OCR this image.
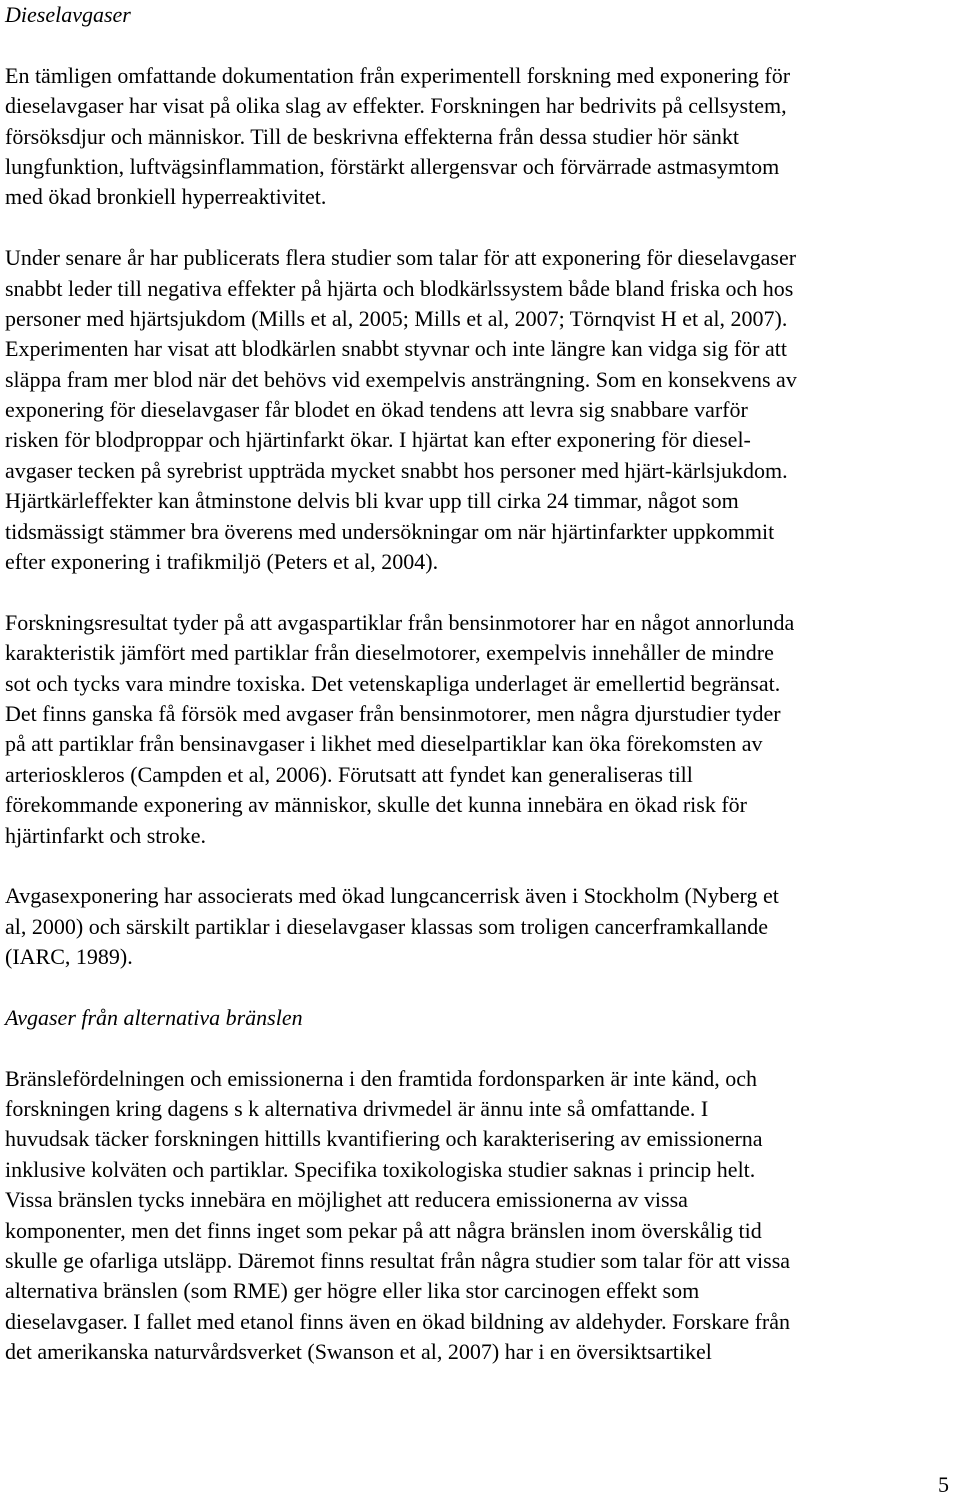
Dieselavgaser
En tämligen omfattande dokumentation från experimentell forskning med exponering för
dieselavgaser har visat på olika slag av effekter. Forskningen har bedrivits på cellsystem,
försöksdjur och människor. Till de beskrivna effekterna från dessa studier hör sänkt
lungfunktion, luftvägsinflammation, förstärkt allergensvar och förvärrade astmasymtom
med ökad bronkiell hyperreaktivitet.
Under senare år har publicerats flera studier som talar för att exponering för dieselavgaser
snabbt leder till negativa effekter på hjärta och blodkärlssystem både bland friska och hos
personer med hjärtsjukdom (Mills et al, 2005; Mills et al, 2007; Törnqvist H et al, 2007).
Experimenten har visat att blodkärlen snabbt styvnar och inte längre kan vidga sig för att
släppa fram mer blod när det behövs vid exempelvis ansträngning. Som en konsekvens av
exponering för dieselavgaser får blodet en ökad tendens att levra sig snabbare varför
risken för blodproppar och hjärtinfarkt ökar. I hjärtat kan efter exponering för diesel-
avgaser tecken på syrebrist uppträda mycket snabbt hos personer med hjärt-kärlsjukdom.
Hjärtkärleffekter kan åtminstone delvis bli kvar upp till cirka 24 timmar, något som
tidsmässigt stämmer bra överens med undersökningar om när hjärtinfarkter uppkommit
efter exponering i trafikmiljö (Peters et al, 2004).
Forskningsresultat tyder på att avgaspartiklar från bensinmotorer har en något annorlunda
karakteristik jämfört med partiklar från dieselmotorer, exempelvis innehåller de mindre
sot och tycks vara mindre toxiska. Det vetenskapliga underlaget är emellertid begränsat.
Det finns ganska få försök med avgaser från bensinmotorer, men några djurstudier tyder
på att partiklar från bensinavgaser i likhet med dieselpartiklar kan öka förekomsten av
arterioskleros (Campden et al, 2006). Förutsatt att fyndet kan generaliseras till
förekommande exponering av människor, skulle det kunna innebära en ökad risk för
hjärtinfarkt och stroke.
Avgasexponering har associerats med ökad lungcancerrisk även i Stockholm (Nyberg et
al, 2000) och särskilt partiklar i dieselavgaser klassas som troligen cancerframkallande
(IARC, 1989).
Avgaser från alternativa bränslen
Bränslefördelningen och emissionerna i den framtida fordonsparken är inte känd, och
forskningen kring dagens s k alternativa drivmedel är ännu inte så omfattande. I
huvudsak täcker forskningen hittills kvantifiering och karakterisering av emissionerna
inklusive kolväten och partiklar. Specifika toxikologiska studier saknas i princip helt.
Vissa bränslen tycks innebära en möjlighet att reducera emissionerna av vissa
komponenter, men det finns inget som pekar på att några bränslen inom överskålig tid
skulle ge ofarliga utsläpp. Däremot finns resultat från några studier som talar för att vissa
alternativa bränslen (som RME) ger högre eller lika stor carcinogen effekt som
dieselavgaser. I fallet med etanol finns även en ökad bildning av aldehyder. Forskare från
det amerikanska naturvårdsverket (Swanson et al, 2007) har i en översiktsartikel
5
